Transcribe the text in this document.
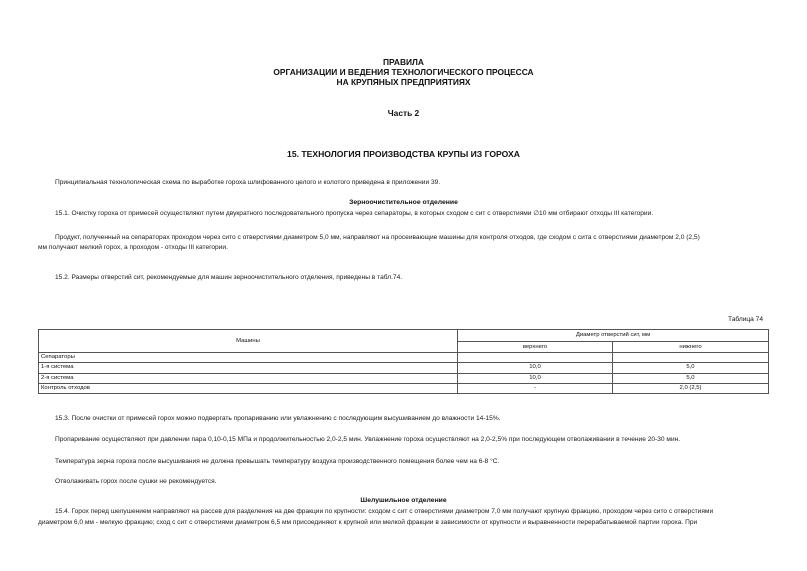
ПРАВИЛА
ОРГАНИЗАЦИИ И ВЕДЕНИЯ ТЕХНОЛОГИЧЕСКОГО ПРОЦЕССА
НА КРУПЯНЫХ ПРЕДПРИЯТИЯХ
Часть 2
15. ТЕХНОЛОГИЯ ПРОИЗВОДСТВА КРУПЫ ИЗ ГОРОХА
Принципиальная технологическая схема по выработке гороха шлифованного целого и колотого приведена в приложении 39.
Зерноочистительное отделение
15.1. Очистку гороха от примесей осуществляют путем двукратного последовательного пропуска через сепараторы, в которых сходом с сит с отверстиями ∅10 мм отбирают отходы III категории.
Продукт, полученный на сепараторах проходом через сито с отверстиями диаметром 5,0 мм, направляют на просеивающие машины для контроля отходов, где сходом с сита с отверстиями диаметром 2,0 (2,5)
мм получают мелкий горох, а проходом - отходы III категории.
15.2. Размеры отверстий сит, рекомендуемые для машин зерноочистительного отделения, приведены в табл.74.
Таблица 74
Машины	Диаметр отверстий сит, мм	
	верхнего	нижнего
Сепараторы		
1-я система	10,0	5,0
2-я система	10,0	5,0
Контроль отходов	-	2,0 (2,5)
15.3. После очистки от примесей горох можно подвергать пропариванию или увлажнению с последующим высушиванием до влажности 14-15%.
Пропаривание осуществляют при давлении пара 0,10-0,15 МПа и продолжительностью 2,0-2,5 мин. Увлажнение гороха осуществляют на 2,0-2,5% при последующем отволаживании в течение 20-30 мин.
Температура зерна гороха после высушивания не должна превышать температуру воздуха производственного помещения более чем на 6-8 °С.
Отволаживать горох после сушки не рекомендуется.
Шелушильное отделение
15.4. Горох перед шелушением направляют на рассев для разделения на две фракции по крупности: сходом с сит с отверстиями диаметром 7,0 мм получают крупную фракцию, проходом через сито с отверстиями
диаметром 6,0 мм - мелкую фракцию; сход с сит с отверстиями диаметром 6,5 мм присоединяют к крупной или мелкой фракции в зависимости от крупности и выравненности перерабатываемой партии гороха. При
